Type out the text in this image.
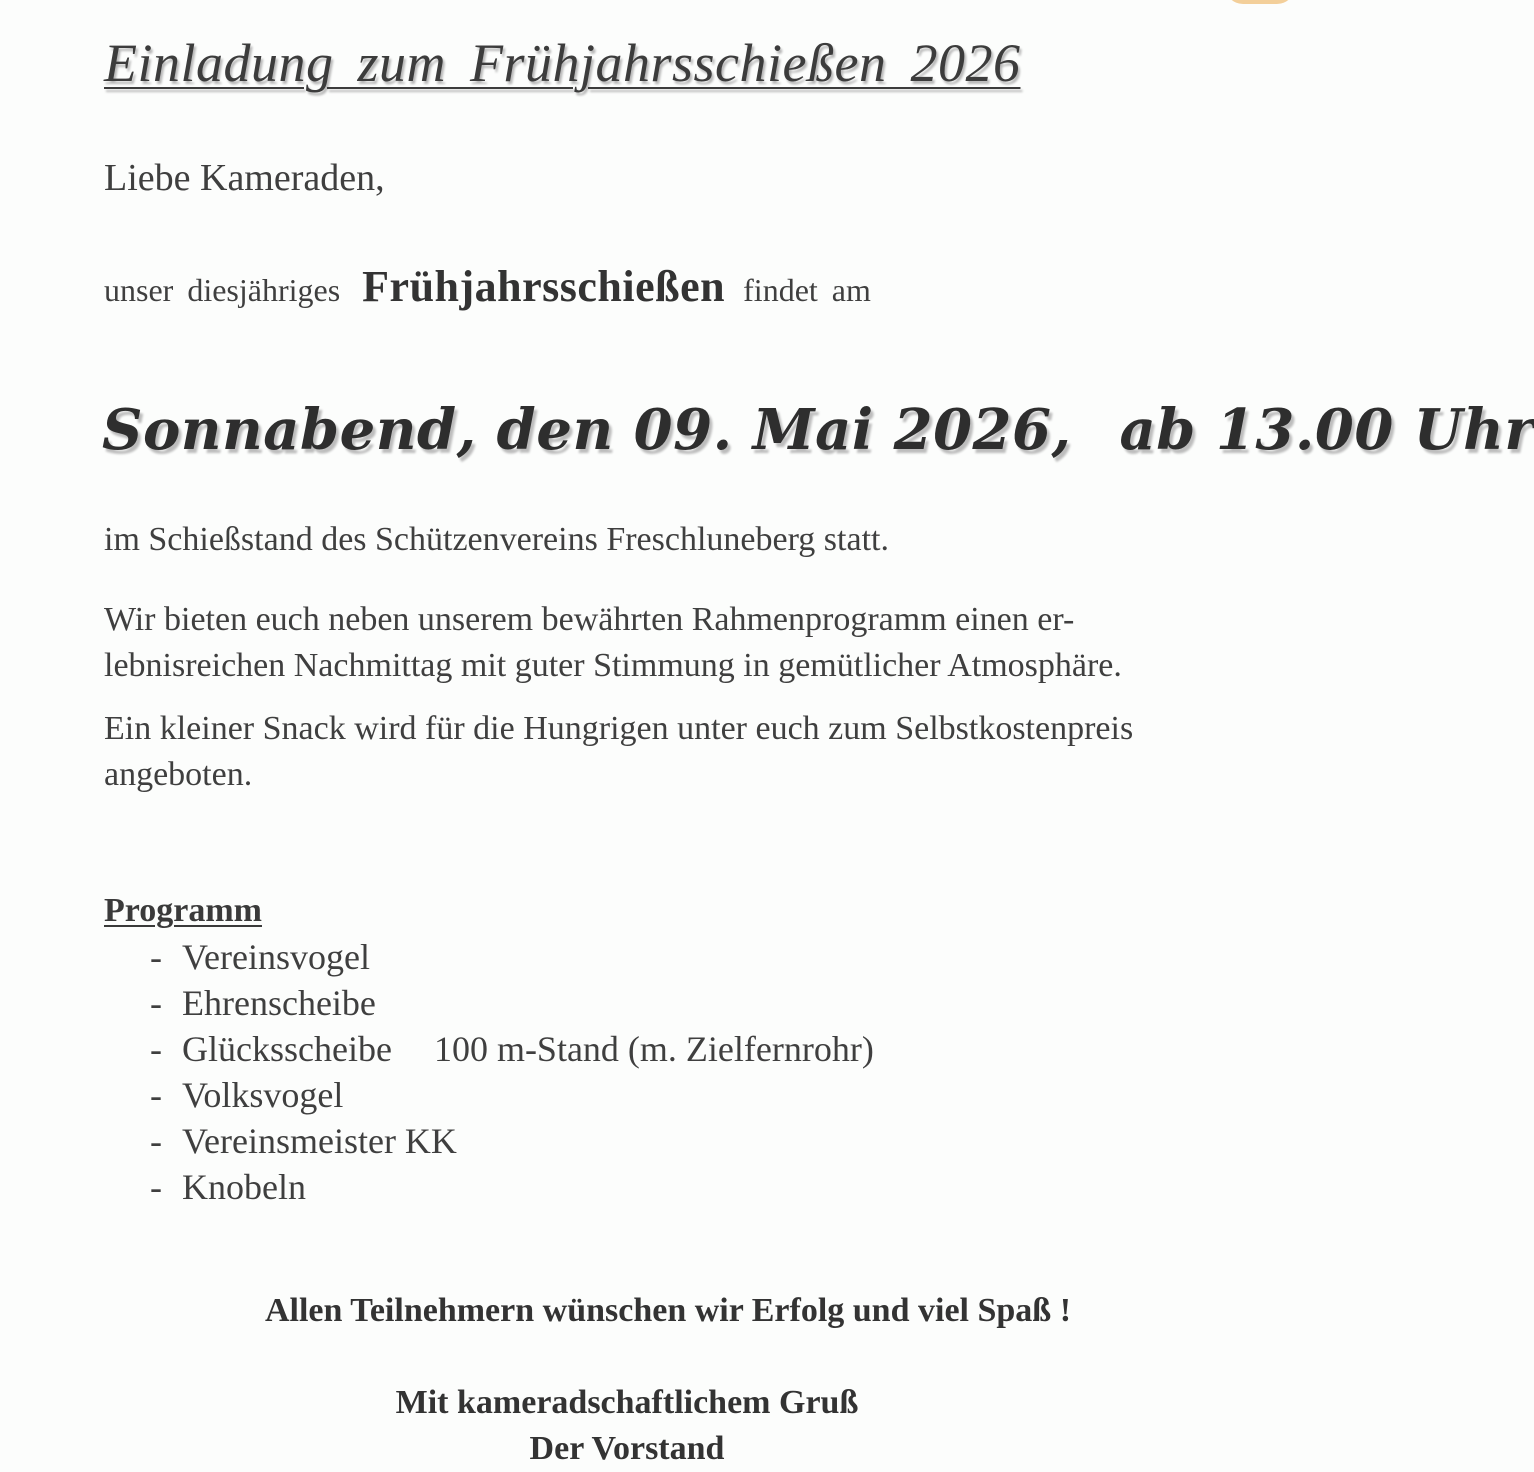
Einladung zum Frühjahrsschießen 2026
Liebe Kameraden,
unser diesjähriges Frühjahrsschießen findet am
Sonnabend, den 09. Mai 2026, ab 13.00 Uhr
im Schießstand des Schützenvereins Freschluneberg statt.
Wir bieten euch neben unserem bewährten Rahmenprogramm einen er-
lebnisreichen Nachmittag mit guter Stimmung in gemütlicher Atmosphäre.
Ein kleiner Snack wird für die Hungrigen unter euch zum Selbstkostenpreis
angeboten.
Programm
- Vereinsvogel
- Ehrenscheibe
- Glücksscheibe 100 m-Stand (m. Zielfernrohr)
- Volksvogel
- Vereinsmeister KK
- Knobeln
Allen Teilnehmern wünschen wir Erfolg und viel Spaß !
Mit kameradschaftlichem Gruß
Der Vorstand
